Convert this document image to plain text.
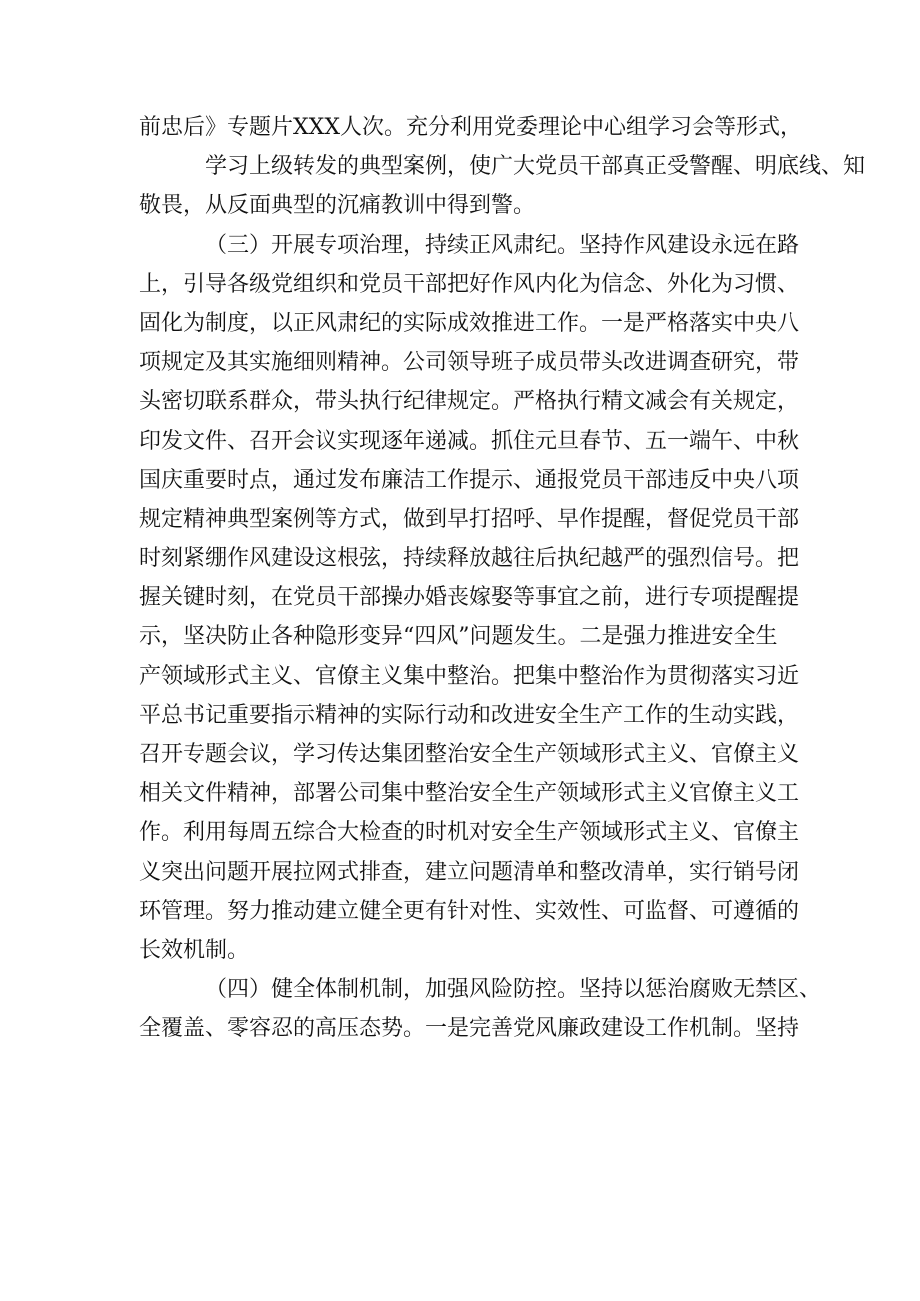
前忠后》专题片XXX人次。充分利用党委理论中心组学习会等形式，
学习上级转发的典型案例，使广大党员干部真正受警醒、明底线、知
敬畏，从反面典型的沉痛教训中得到警。
（三）开展专项治理，持续正风肃纪。坚持作风建设永远在路
上，引导各级党组织和党员干部把好作风内化为信念、外化为习惯、
固化为制度，以正风肃纪的实际成效推进工作。一是严格落实中央八
项规定及其实施细则精神。公司领导班子成员带头改进调查研究，带
头密切联系群众，带头执行纪律规定。严格执行精文减会有关规定，
印发文件、召开会议实现逐年递减。抓住元旦春节、五一端午、中秋
国庆重要时点，通过发布廉洁工作提示、通报党员干部违反中央八项
规定精神典型案例等方式，做到早打招呼、早作提醒，督促党员干部
时刻紧绷作风建设这根弦，持续释放越往后执纪越严的强烈信号。把
握关键时刻，在党员干部操办婚丧嫁娶等事宜之前，进行专项提醒提
示，坚决防止各种隐形变异“四风”问题发生。二是强力推进安全生
产领域形式主义、官僚主义集中整治。把集中整治作为贯彻落实习近
平总书记重要指示精神的实际行动和改进安全生产工作的生动实践，
召开专题会议，学习传达集团整治安全生产领域形式主义、官僚主义
相关文件精神，部署公司集中整治安全生产领域形式主义官僚主义工
作。利用每周五综合大检查的时机对安全生产领域形式主义、官僚主
义突出问题开展拉网式排查，建立问题清单和整改清单，实行销号闭
环管理。努力推动建立健全更有针对性、实效性、可监督、可遵循的
长效机制。
（四）健全体制机制，加强风险防控。坚持以惩治腐败无禁区、
全覆盖、零容忍的高压态势。一是完善党风廉政建设工作机制。坚持
